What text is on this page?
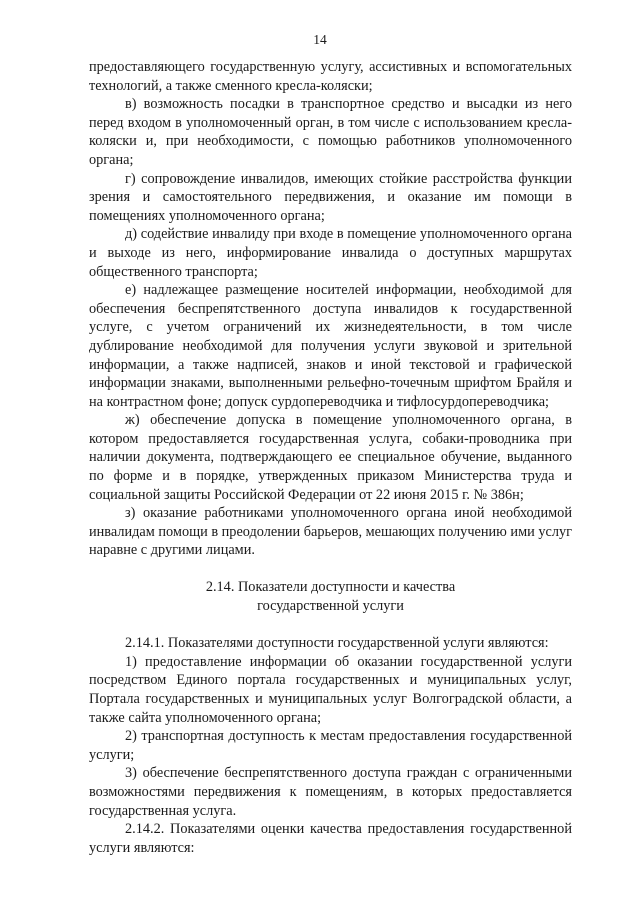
14

предоставляющего государственную услугу, ассистивных и вспомогательных технологий, а также сменного кресла-коляски;

в) возможность посадки в транспортное средство и высадки из него перед входом в уполномоченный орган, в том числе с использованием кресла-коляски и, при необходимости, с помощью работников уполномоченного органа;

г) сопровождение инвалидов, имеющих стойкие расстройства функции зрения и самостоятельного передвижения, и оказание им помощи в помещениях уполномоченного органа;

д) содействие инвалиду при входе в помещение уполномоченного органа и выходе из него, информирование инвалида о доступных маршрутах общественного транспорта;

е) надлежащее размещение носителей информации, необходимой для обеспечения беспрепятственного доступа инвалидов к государственной услуге, с учетом ограничений их жизнедеятельности, в том числе дублирование необходимой для получения услуги звуковой и зрительной информации, а также надписей, знаков и иной текстовой и графической информации знаками, выполненными рельефно-точечным шрифтом Брайля и на контрастном фоне; допуск сурдопереводчика и тифлосурдопереводчика;

ж) обеспечение допуска в помещение уполномоченного органа, в котором предоставляется государственная услуга, собаки-проводника при наличии документа, подтверждающего ее специальное обучение, выданного по форме и в порядке, утвержденных приказом Министерства труда и социальной защиты Российской Федерации от 22 июня 2015 г. № 386н;

з) оказание работниками уполномоченного органа иной необходимой инвалидам помощи в преодолении барьеров, мешающих получению ими услуг наравне с другими лицами.

2.14. Показатели доступности и качества
государственной услуги

2.14.1. Показателями доступности государственной услуги являются:

1) предоставление информации об оказании государственной услуги посредством Единого портала государственных и муниципальных услуг, Портала государственных и муниципальных услуг Волгоградской области, а также сайта уполномоченного органа;

2) транспортная доступность к местам предоставления государственной услуги;

3) обеспечение беспрепятственного доступа граждан с ограниченными возможностями передвижения к помещениям, в которых предоставляется государственная услуга.

2.14.2. Показателями оценки качества предоставления государственной услуги являются:
